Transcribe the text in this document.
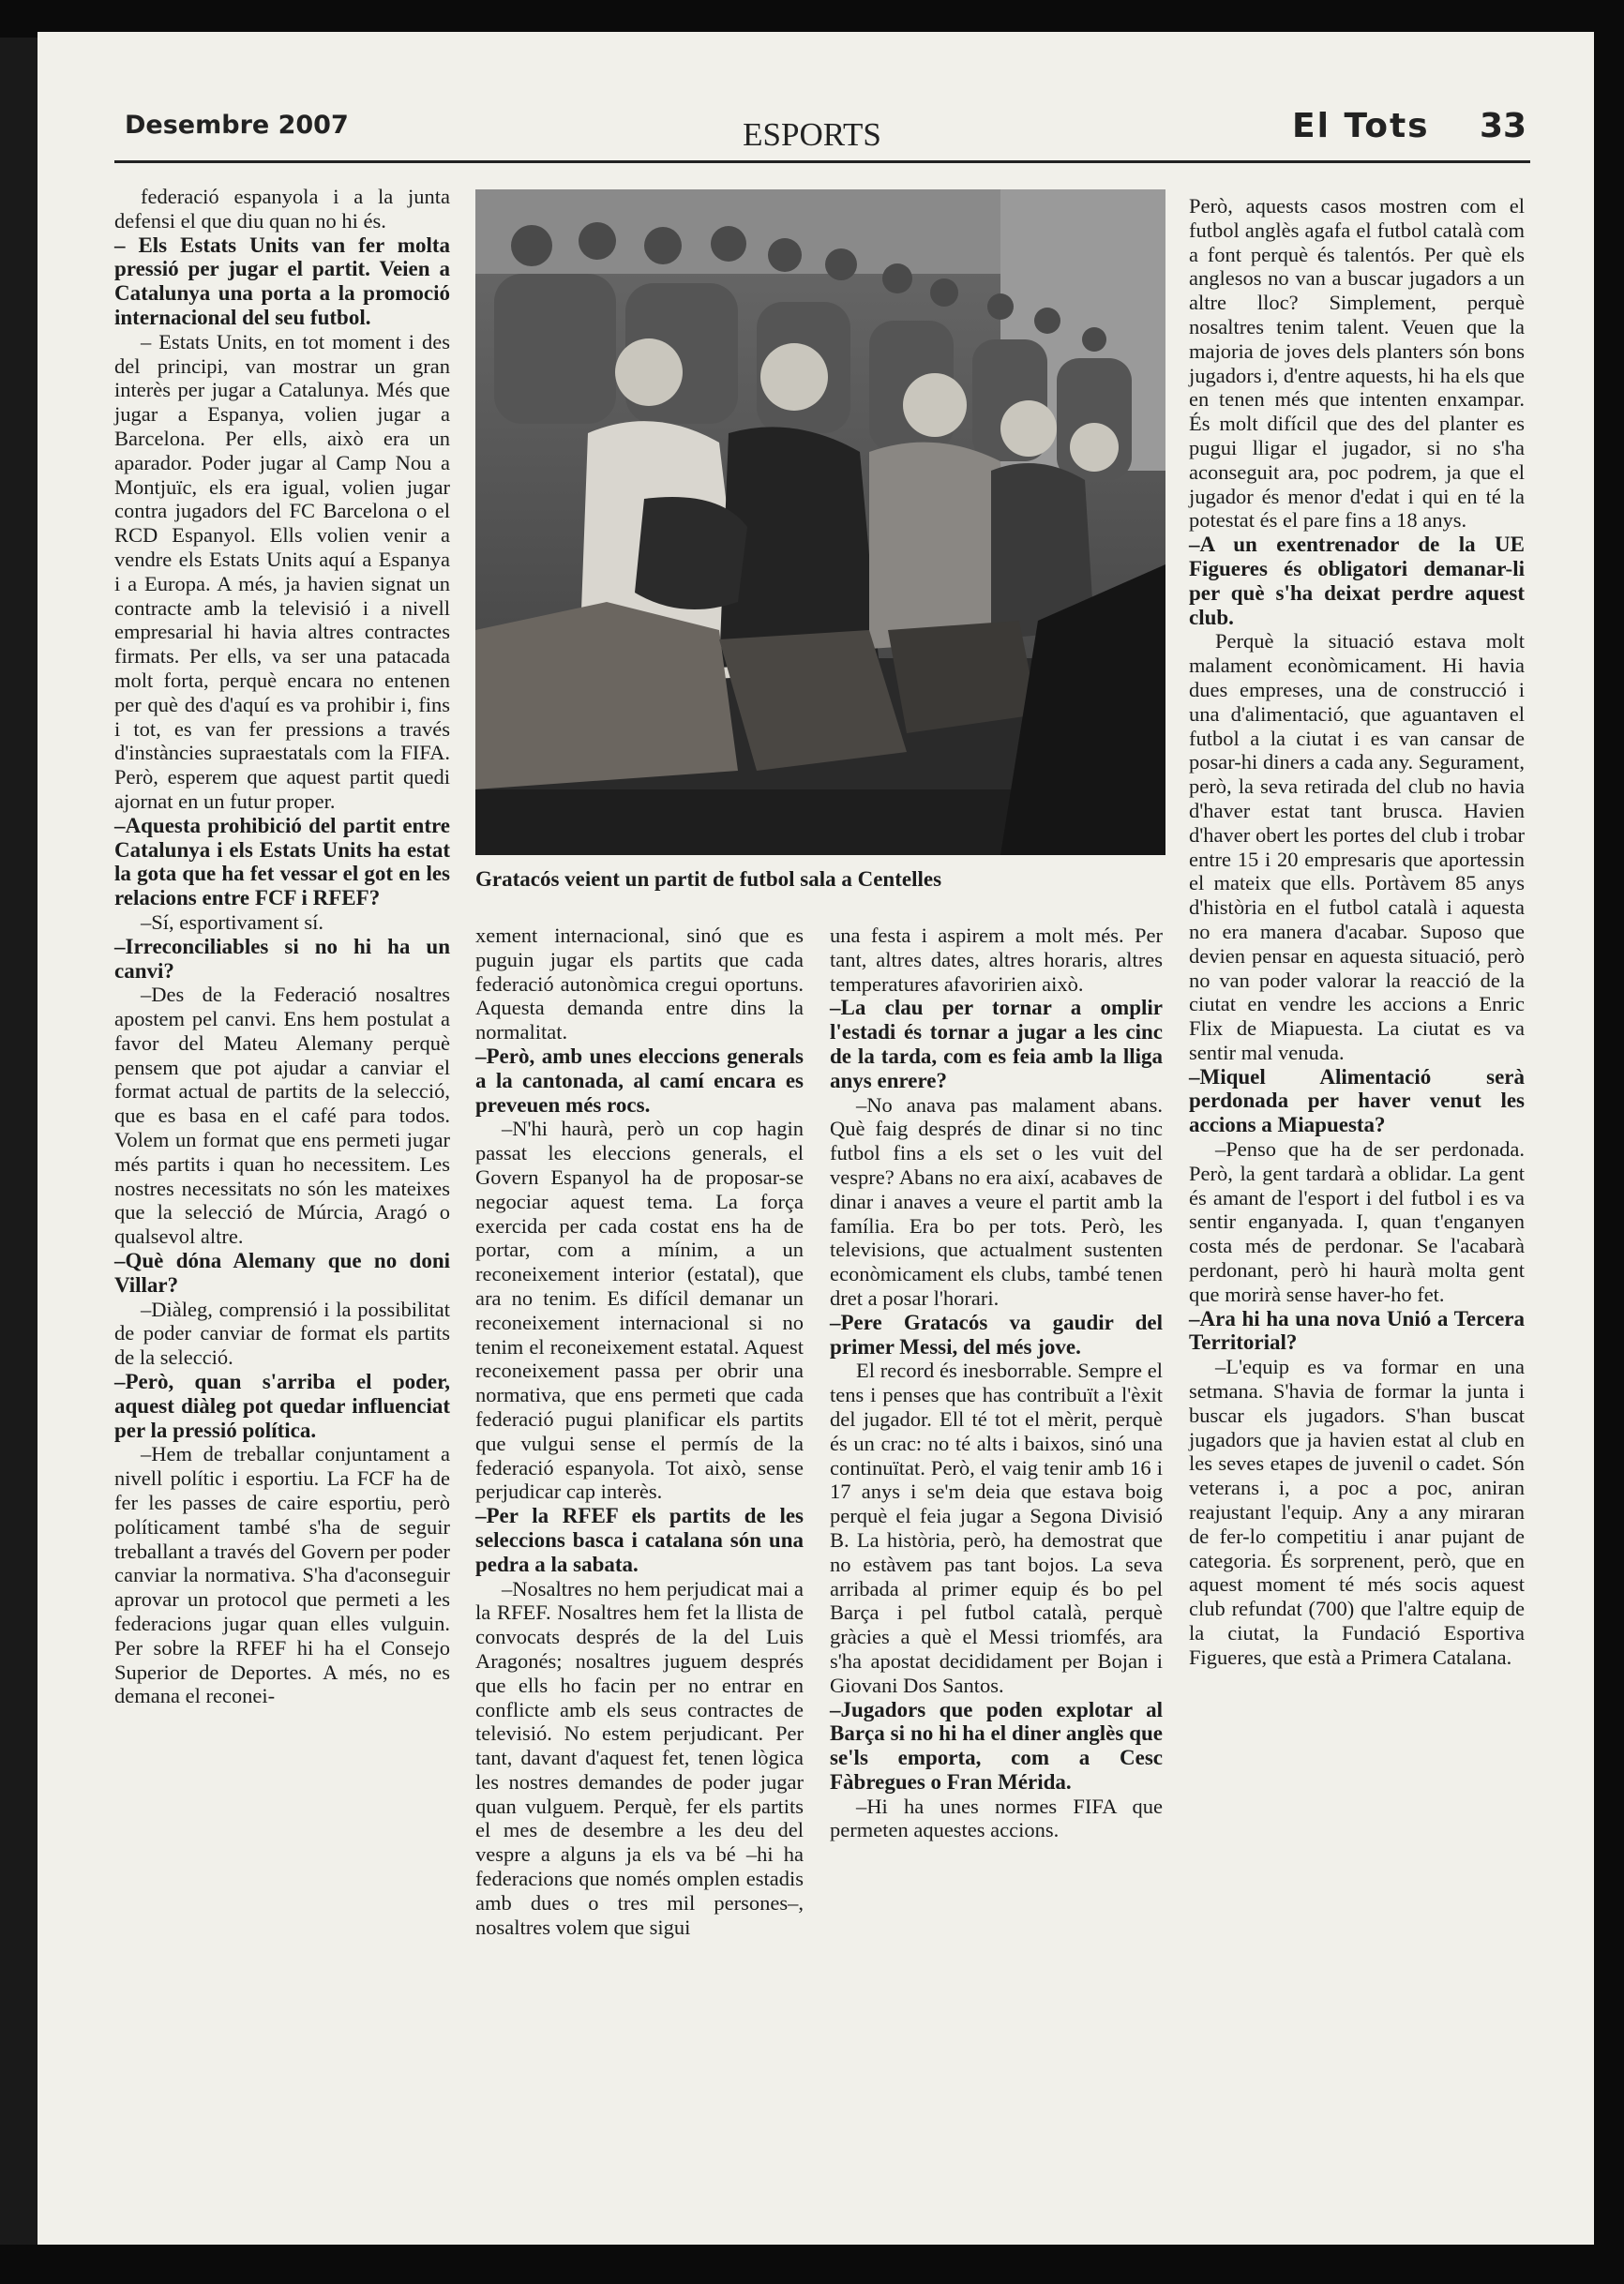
Desembre 2007	ESPORTS	El Tots 33

federació espanyola i a la junta defensi el que diu quan no hi és.

– Els Estats Units van fer molta pressió per jugar el partit. Veien a Catalunya una porta a la promoció internacional del seu futbol.

– Estats Units, en tot moment i des del principi, van mostrar un gran interès per jugar a Catalunya. Més que jugar a Espanya, volien jugar a Barcelona. Per ells, això era un aparador. Poder jugar al Camp Nou a Montjuïc, els era igual, volien jugar contra jugadors del FC Barcelona o el RCD Espanyol. Ells volien venir a vendre els Estats Units aquí a Espanya i a Europa. A més, ja havien signat un contracte amb la televisió i a nivell empresarial hi havia altres contractes firmats. Per ells, va ser una patacada molt forta, perquè encara no entenen per què des d'aquí es va prohibir i, fins i tot, es van fer pressions a través d'instàncies supraestatals com la FIFA. Però, esperem que aquest partit quedi ajornat en un futur proper.

–Aquesta prohibició del partit entre Catalunya i els Estats Units ha estat la gota que ha fet vessar el got en les relacions entre FCF i RFEF?

–Sí, esportivament sí.

–Irreconciliables si no hi ha un canvi?

–Des de la Federació nosaltres apostem pel canvi. Ens hem postulat a favor del Mateu Alemany perquè pensem que pot ajudar a canviar el format actual de partits de la selecció, que es basa en el café para todos. Volem un format que ens permeti jugar més partits i quan ho necessitem. Les nostres necessitats no són les mateixes que la selecció de Múrcia, Aragó o qualsevol altre.

–Què dóna Alemany que no doni Villar?

–Diàleg, comprensió i la possibilitat de poder canviar de format els partits de la selecció.

–Però, quan s'arriba el poder, aquest diàleg pot quedar influenciat per la pressió política.

–Hem de treballar conjuntament a nivell polític i esportiu. La FCF ha de fer les passes de caire esportiu, però políticament també s'ha de seguir treballant a través del Govern per poder canviar la normativa. S'ha d'aconseguir aprovar un protocol que permeti a les federacions jugar quan elles vulguin. Per sobre la RFEF hi ha el Consejo Superior de Deportes. A més, no es demana el reconei-

Gratacós veient un partit de futbol sala a Centelles

xement internacional, sinó que es puguin jugar els partits que cada federació autonòmica cregui oportuns. Aquesta demanda entre dins la normalitat.

–Però, amb unes eleccions generals a la cantonada, al camí encara es preveuen més rocs.

–N'hi haurà, però un cop hagin passat les eleccions generals, el Govern Espanyol ha de proposar-se negociar aquest tema. La força exercida per cada costat ens ha de portar, com a mínim, a un reconeixement interior (estatal), que ara no tenim. Es difícil demanar un reconeixement internacional si no tenim el reconeixement estatal. Aquest reconeixement passa per obrir una normativa, que ens permeti que cada federació pugui planificar els partits que vulgui sense el permís de la federació espanyola. Tot això, sense perjudicar cap interès.

–Per la RFEF els partits de les seleccions basca i catalana són una pedra a la sabata.

–Nosaltres no hem perjudicat mai a la RFEF. Nosaltres hem fet la llista de convocats després de la del Luis Aragonés; nosaltres juguem després que ells ho facin per no entrar en conflicte amb els seus contractes de televisió. No estem perjudicant. Per tant, davant d'aquest fet, tenen lògica les nostres demandes de poder jugar quan vulguem. Perquè, fer els partits el mes de desembre a les deu del vespre a alguns ja els va bé –hi ha federacions que només omplen estadis amb dues o tres mil persones–, nosaltres volem que sigui

una festa i aspirem a molt més. Per tant, altres dates, altres horaris, altres temperatures afavoririen això.

–La clau per tornar a omplir l'estadi és tornar a jugar a les cinc de la tarda, com es feia amb la lliga anys enrere?

–No anava pas malament abans. Què faig després de dinar si no tinc futbol fins a els set o les vuit del vespre? Abans no era així, acabaves de dinar i anaves a veure el partit amb la família. Era bo per tots. Però, les televisions, que actualment sustenten econòmicament els clubs, també tenen dret a posar l'horari.

–Pere Gratacós va gaudir del primer Messi, del més jove.

El record és inesborrable. Sempre el tens i penses que has contribuït a l'èxit del jugador. Ell té tot el mèrit, perquè és un crac: no té alts i baixos, sinó una continuïtat. Però, el vaig tenir amb 16 i 17 anys i se'm deia que estava boig perquè el feia jugar a Segona Divisió B. La història, però, ha demostrat que no estàvem pas tant bojos. La seva arribada al primer equip és bo pel Barça i pel futbol català, perquè gràcies a què el Messi triomfés, ara s'ha apostat decididament per Bojan i Giovani Dos Santos.

–Jugadors que poden explotar al Barça si no hi ha el diner anglès que se'ls emporta, com a Cesc Fàbregues o Fran Mérida.

–Hi ha unes normes FIFA que permeten aquestes accions.

Però, aquests casos mostren com el futbol anglès agafa el futbol català com a font perquè és talentós. Per què els anglesos no van a buscar jugadors a un altre lloc? Simplement, perquè nosaltres tenim talent. Veuen que la majoria de joves dels planters són bons jugadors i, d'entre aquests, hi ha els que en tenen més que intenten enxampar. És molt difícil que des del planter es pugui lligar el jugador, si no s'ha aconseguit ara, poc podrem, ja que el jugador és menor d'edat i qui en té la potestat és el pare fins a 18 anys.

–A un exentrenador de la UE Figueres és obligatori demanar-li per què s'ha deixat perdre aquest club.

Perquè la situació estava molt malament econòmicament. Hi havia dues empreses, una de construcció i una d'alimentació, que aguantaven el futbol a la ciutat i es van cansar de posar-hi diners a cada any. Segurament, però, la seva retirada del club no havia d'haver estat tant brusca. Havien d'haver obert les portes del club i trobar entre 15 i 20 empresaris que aportessin el mateix que ells. Portàvem 85 anys d'història en el futbol català i aquesta no era manera d'acabar. Suposo que devien pensar en aquesta situació, però no van poder valorar la reacció de la ciutat en vendre les accions a Enric Flix de Miapuesta. La ciutat es va sentir mal venuda.

–Miquel Alimentació serà perdonada per haver venut les accions a Miapuesta?

–Penso que ha de ser perdonada. Però, la gent tardarà a oblidar. La gent és amant de l'esport i del futbol i es va sentir enganyada. I, quan t'enganyen costa més de perdonar. Se l'acabarà perdonant, però hi haurà molta gent que morirà sense haver-ho fet.

–Ara hi ha una nova Unió a Tercera Territorial?

–L'equip es va formar en una setmana. S'havia de formar la junta i buscar els jugadors. S'han buscat jugadors que ja havien estat al club en les seves etapes de juvenil o cadet. Són veterans i, a poc a poc, aniran reajustant l'equip. Any a any miraran de fer-lo competitiu i anar pujant de categoria. És sorprenent, però, que en aquest moment té més socis aquest club refundat (700) que l'altre equip de la ciutat, la Fundació Esportiva Figueres, que està a Primera Catalana.
